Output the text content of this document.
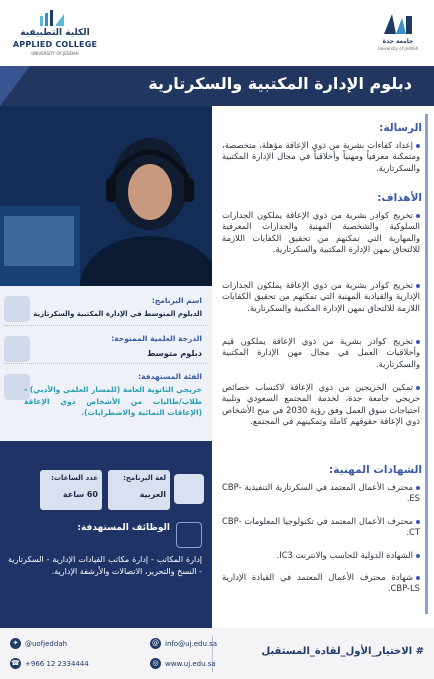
الكلية التطبيقية
APPLIED COLLEGE
UNIVERSITY OF JEDDAH
جامعة جدة
University of Jeddah
دبلوم الإدارة المكتبية والسكرتارية
الرسالة:
إعداد كفاءات بشرية من ذوي الإعاقة مؤهلة، متخصصة، ومتمكنة معرفياً ومهنياً وأخلاقياً في مجال الإدارة المكتبية والسكرتارية.
الأهداف:
تخريج كوادر بشرية من ذوي الإعاقة يملكون الجدارات السلوكية والشخصية المهنية والجدارات المعرفية والمهارية التي تمكنهم من تحقيق الكفايات اللازمة للالتحاق بمهن الإدارة المكتبية والسكرتارية.
تخريج كوادر بشرية من ذوي الإعاقة يملكون الجدارات الإدارية والقيادية المهنية التي تمكنهم من تحقيق الكفايات اللازمة للالتحاق بمهن الإدارة المكتبية والسكرتارية.
تخريج كوادر بشرية من ذوي الإعاقة يملكون قيم وأخلاقيات العمل في مجال مهن الإدارة المكتبية والسكرتارية.
تمكين الخريجين من ذوي الإعاقة لاكتساب خصائص خريجي جامعة جدة، لخدمة المجتمع السعودي وتلبية احتياجات سوق العمل وفق رؤية 2030 في منح الأشخاص ذوي الإعاقة حقوقهم كاملة وتمكينهم في المجتمع.
الشهادات المهنية:
محترف الأعمال المعتمد في السكرتارية التنفيذية CBP-ES.
محترف الأعمال المعتمد في تكنولوجيا المعلومات CBP-CT.
الشهادة الدولية للحاسب والانترنت IC3.
شهادة محترف الأعمال المعتمد في القيادة الإدارية CBP-LS.
اسم البرنامج:
الدبلوم المتوسط في الإدارة المكتبية والسكرتارية
الدرجة العلمية الممنوحة:
دبلوم متوسط
الفئة المستهدفة:
خريجي الثانوية العامة (للمسار العلمي والأدبي) - طلاب/طالبات من الأشخاص ذوي الإعاقة (الإعاقات النمائية والاضطرابات).
لغة البرنامج:
العربية
عدد الساعات:
60 ساعة
الوظائف المستهدفة:
إدارة المكاتب - إدارة مكاتب القيادات الإدارية - السكرتارية - النسخ والتحرير، الاتصالات والأرشفة الإدارية.
# الاختيار_الأول_لقادة_المستقبل
@ info@uj.edu.sa
◎ www.uj.edu.sa
✦ @uofjeddah
☎ +966 12 2334444
